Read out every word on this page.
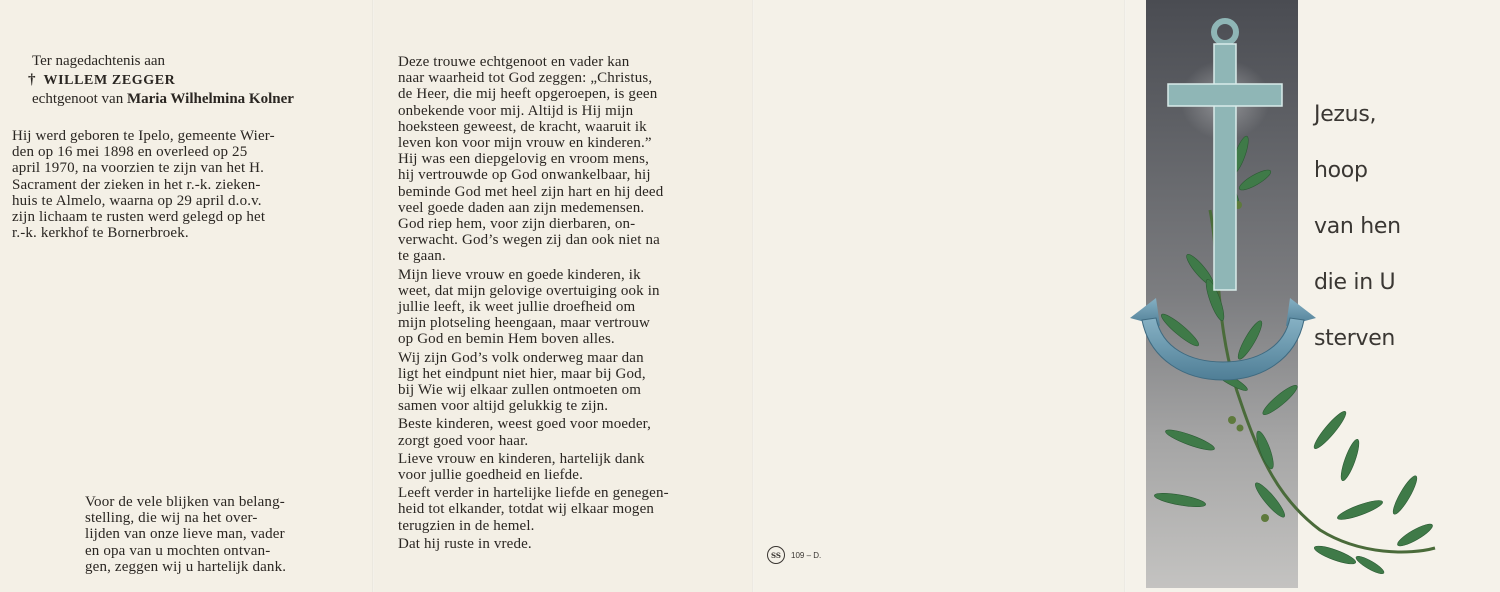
Ter nagedachtenis aan
† WILLEM ZEGGER
echtgenoot van Maria Wilhelmina Kolner
Hij werd geboren te Ipelo, gemeente Wier-
den op 16 mei 1898 en overleed op 25
april 1970, na voorzien te zijn van het H.
Sacrament der zieken in het r.-k. zieken-
huis te Almelo, waarna op 29 april d.o.v.
zijn lichaam te rusten werd gelegd op het
r.-k. kerkhof te Bornerbroek.
Voor de vele blijken van belang-
stelling, die wij na het over-
lijden van onze lieve man, vader
en opa van u mochten ontvan-
gen, zeggen wij u hartelijk dank.
Deze trouwe echtgenoot en vader kan
naar waarheid tot God zeggen: „Christus,
de Heer, die mij heeft opgeroepen, is geen
onbekende voor mij. Altijd is Hij mijn
hoeksteen geweest, de kracht, waaruit ik
leven kon voor mijn vrouw en kinderen.”
Hij was een diepgelovig en vroom mens,
hij vertrouwde op God onwankelbaar, hij
beminde God met heel zijn hart en hij deed
veel goede daden aan zijn medemensen.
God riep hem, voor zijn dierbaren, on-
verwacht. God’s wegen zij dan ook niet na
te gaan.
Mijn lieve vrouw en goede kinderen, ik
weet, dat mijn gelovige overtuiging ook in
jullie leeft, ik weet jullie droefheid om
mijn plotseling heengaan, maar vertrouw
op God en bemin Hem boven alles.
Wij zijn God’s volk onderweg maar dan
ligt het eindpunt niet hier, maar bij God,
bij Wie wij elkaar zullen ontmoeten om
samen voor altijd gelukkig te zijn.
Beste kinderen, weest goed voor moeder,
zorgt goed voor haar.
Lieve vrouw en kinderen, hartelijk dank
voor jullie goedheid en liefde.
Leeft verder in hartelijke liefde en genegen-
heid tot elkander, totdat wij elkaar mogen
terugzien in de hemel.
Dat hij ruste in vrede.
SS	109 – D.
Jezus,
hoop
van hen
die in U
sterven
